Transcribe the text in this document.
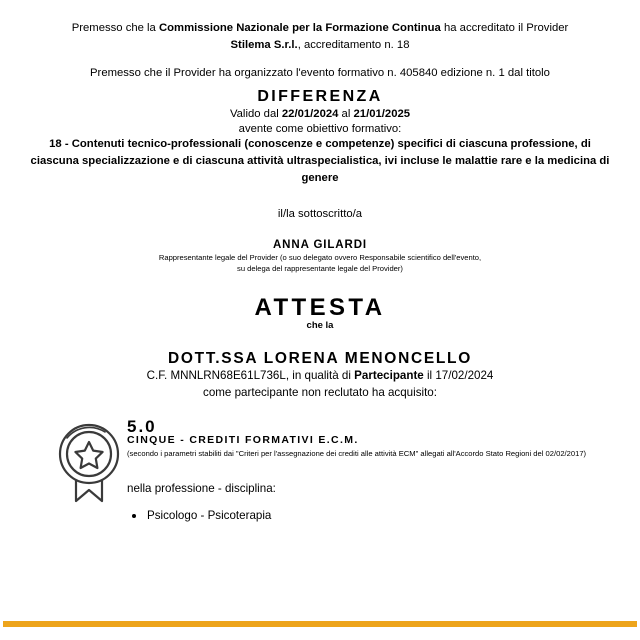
Premesso che la Commissione Nazionale per la Formazione Continua ha accreditato il Provider
Stilema S.r.l., accreditamento n. 18
Premesso che il Provider ha organizzato l'evento formativo n. 405840 edizione n. 1 dal titolo
DIFFERENZA
Valido dal 22/01/2024 al 21/01/2025
avente come obiettivo formativo:
18 - Contenuti tecnico-professionali (conoscenze e competenze) specifici di ciascuna professione, di ciascuna specializzazione e di ciascuna attività ultraspecialistica, ivi incluse le malattie rare e la medicina di genere
il/la sottoscritto/a
ANNA GILARDI
Rappresentante legale del Provider (o suo delegato ovvero Responsabile scientifico dell'evento,
su delega del rappresentante legale del Provider)
ATTESTA
che la
DOTT.SSA LORENA MENONCELLO
C.F. MNNLRN68E61L736L, in qualità di Partecipante il 17/02/2024
come partecipante non reclutato ha acquisito:
5.0
CINQUE - CREDITI FORMATIVI E.C.M.
(secondo i parametri stabiliti dai "Criteri per l'assegnazione dei crediti alle attività ECM" allegati all'Accordo Stato Regioni del 02/02/2017)
nella professione - disciplina:
Psicologo - Psicoterapia
